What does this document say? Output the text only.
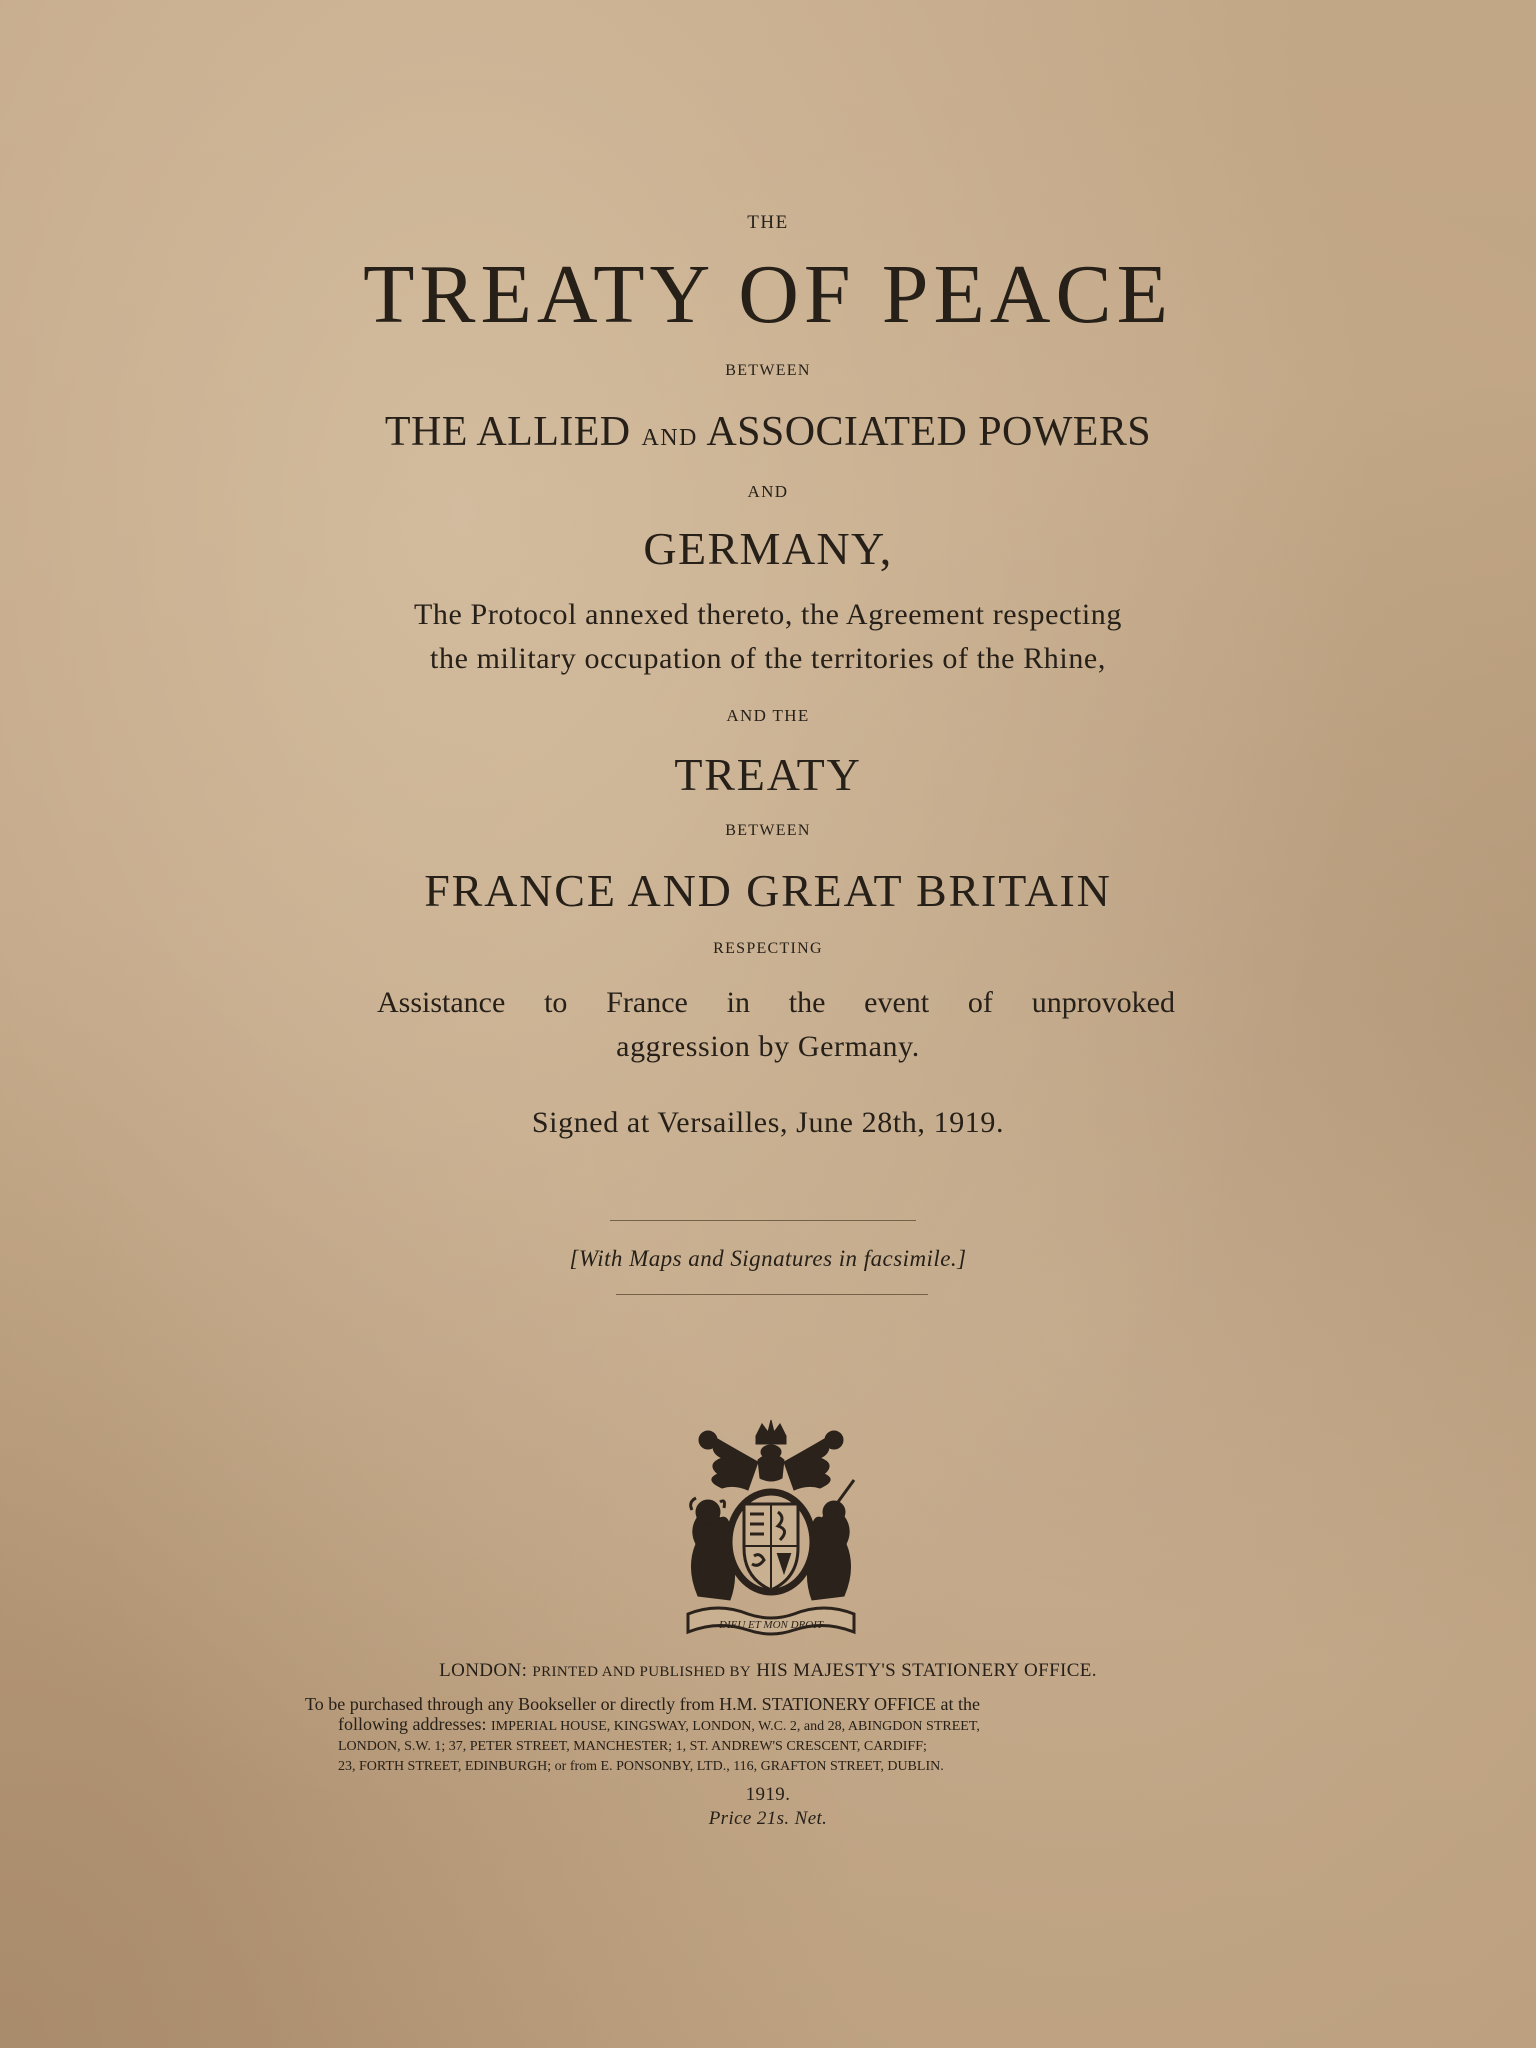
THE
TREATY OF PEACE
BETWEEN
THE ALLIED AND ASSOCIATED POWERS
AND
GERMANY,
The Protocol annexed thereto, the Agreement respecting
the military occupation of the territories of the Rhine,
AND THE
TREATY
BETWEEN
FRANCE AND GREAT BRITAIN
RESPECTING
Assistance to France in the event of unprovoked
aggression by Germany.
Signed at Versailles, June 28th, 1919.
[With Maps and Signatures in facsimile.]
DIEU ET MON DROIT
LONDON: PRINTED AND PUBLISHED BY HIS MAJESTY'S STATIONERY OFFICE.
To be purchased through any Bookseller or directly from H.M. STATIONERY OFFICE at the
following addresses: IMPERIAL HOUSE, KINGSWAY, LONDON, W.C. 2, and 28, ABINGDON STREET,
LONDON, S.W. 1; 37, PETER STREET, MANCHESTER; 1, ST. ANDREW'S CRESCENT, CARDIFF;
23, FORTH STREET, EDINBURGH; or from E. PONSONBY, LTD., 116, GRAFTON STREET, DUBLIN.
1919.
Price 21s. Net.
